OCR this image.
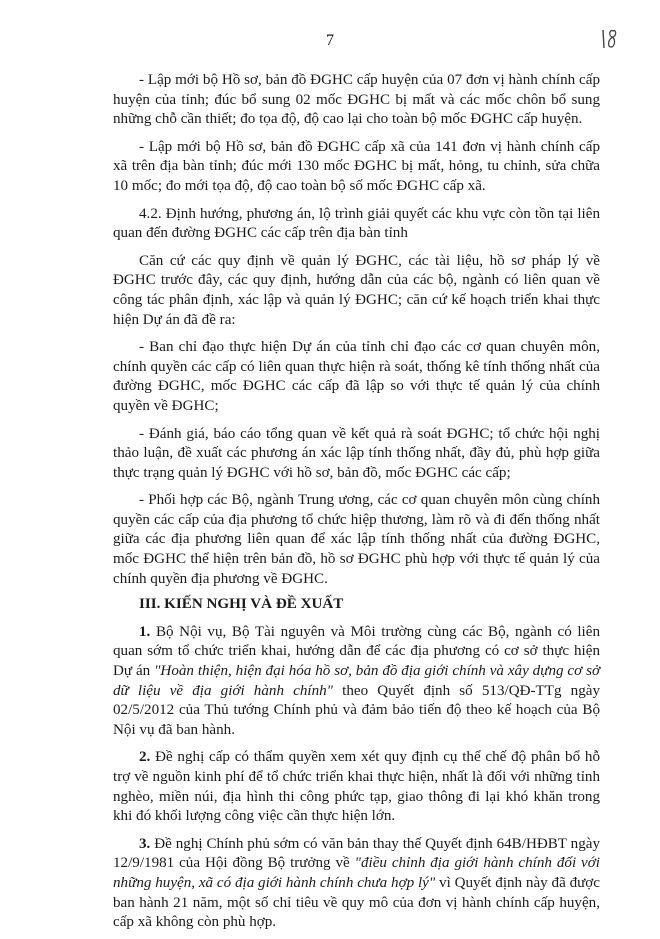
7

- Lập mới bộ Hồ sơ, bản đồ ĐGHC cấp huyện của 07 đơn vị hành chính cấp huyện của tỉnh; đúc bổ sung 02 mốc ĐGHC bị mất và các mốc chôn bổ sung những chỗ cần thiết; đo tọa độ, độ cao lại cho toàn bộ mốc ĐGHC cấp huyện.

- Lập mới bộ Hồ sơ, bản đồ ĐGHC cấp xã của 141 đơn vị hành chính cấp xã trên địa bàn tỉnh; đúc mới 130 mốc ĐGHC bị mất, hỏng, tu chỉnh, sửa chữa 10 mốc; đo mới tọa độ, độ cao toàn bộ số mốc ĐGHC cấp xã.

4.2. Định hướng, phương án, lộ trình giải quyết các khu vực còn tồn tại liên quan đến đường ĐGHC các cấp trên địa bàn tỉnh

Căn cứ các quy định về quản lý ĐGHC, các tài liệu, hồ sơ pháp lý về ĐGHC trước đây, các quy định, hướng dẫn của các bộ, ngành có liên quan về công tác phân định, xác lập và quản lý ĐGHC; căn cứ kế hoạch triển khai thực hiện Dự án đã đề ra:

- Ban chỉ đạo thực hiện Dự án của tỉnh chỉ đạo các cơ quan chuyên môn, chính quyền các cấp có liên quan thực hiện rà soát, thống kê tính thống nhất của đường ĐGHC, mốc ĐGHC các cấp đã lập so với thực tế quản lý của chính quyền về ĐGHC;

- Đánh giá, báo cáo tổng quan về kết quả rà soát ĐGHC; tổ chức hội nghị thảo luận, đề xuất các phương án xác lập tính thống nhất, đầy đủ, phù hợp giữa thực trạng quản lý ĐGHC với hồ sơ, bản đồ, mốc ĐGHC các cấp;

- Phối hợp các Bộ, ngành Trung ương, các cơ quan chuyên môn cùng chính quyền các cấp của địa phương tổ chức hiệp thương, làm rõ và đi đến thống nhất giữa các địa phương liên quan để xác lập tính thống nhất của đường ĐGHC, mốc ĐGHC thể hiện trên bản đồ, hồ sơ ĐGHC phù hợp với thực tế quản lý của chính quyền địa phương về ĐGHC.

III. KIẾN NGHỊ VÀ ĐỀ XUẤT

1. Bộ Nội vụ, Bộ Tài nguyên và Môi trường cùng các Bộ, ngành có liên quan sớm tổ chức triển khai, hướng dẫn để các địa phương có cơ sở thực hiện Dự án "Hoàn thiện, hiện đại hóa hồ sơ, bản đồ địa giới chính và xây dựng cơ sở dữ liệu về địa giới hành chính" theo Quyết định số 513/QĐ-TTg ngày 02/5/2012 của Thủ tướng Chính phủ và đảm bảo tiến độ theo kế hoạch của Bộ Nội vụ đã ban hành.

2. Đề nghị cấp có thẩm quyền xem xét quy định cụ thể chế độ phân bổ hỗ trợ về nguồn kinh phí để tổ chức triển khai thực hiện, nhất là đối với những tỉnh nghèo, miền núi, địa hình thi công phức tạp, giao thông đi lại khó khăn trong khi đó khối lượng công việc cần thực hiện lớn.

3. Đề nghị Chính phủ sớm có văn bản thay thế Quyết định 64B/HĐBT ngày 12/9/1981 của Hội đồng Bộ trưởng về "điều chỉnh địa giới hành chính đối với những huyện, xã có địa giới hành chính chưa hợp lý" vì Quyết định này đã được ban hành 21 năm, một số chỉ tiêu về quy mô của đơn vị hành chính cấp huyện, cấp xã không còn phù hợp.
